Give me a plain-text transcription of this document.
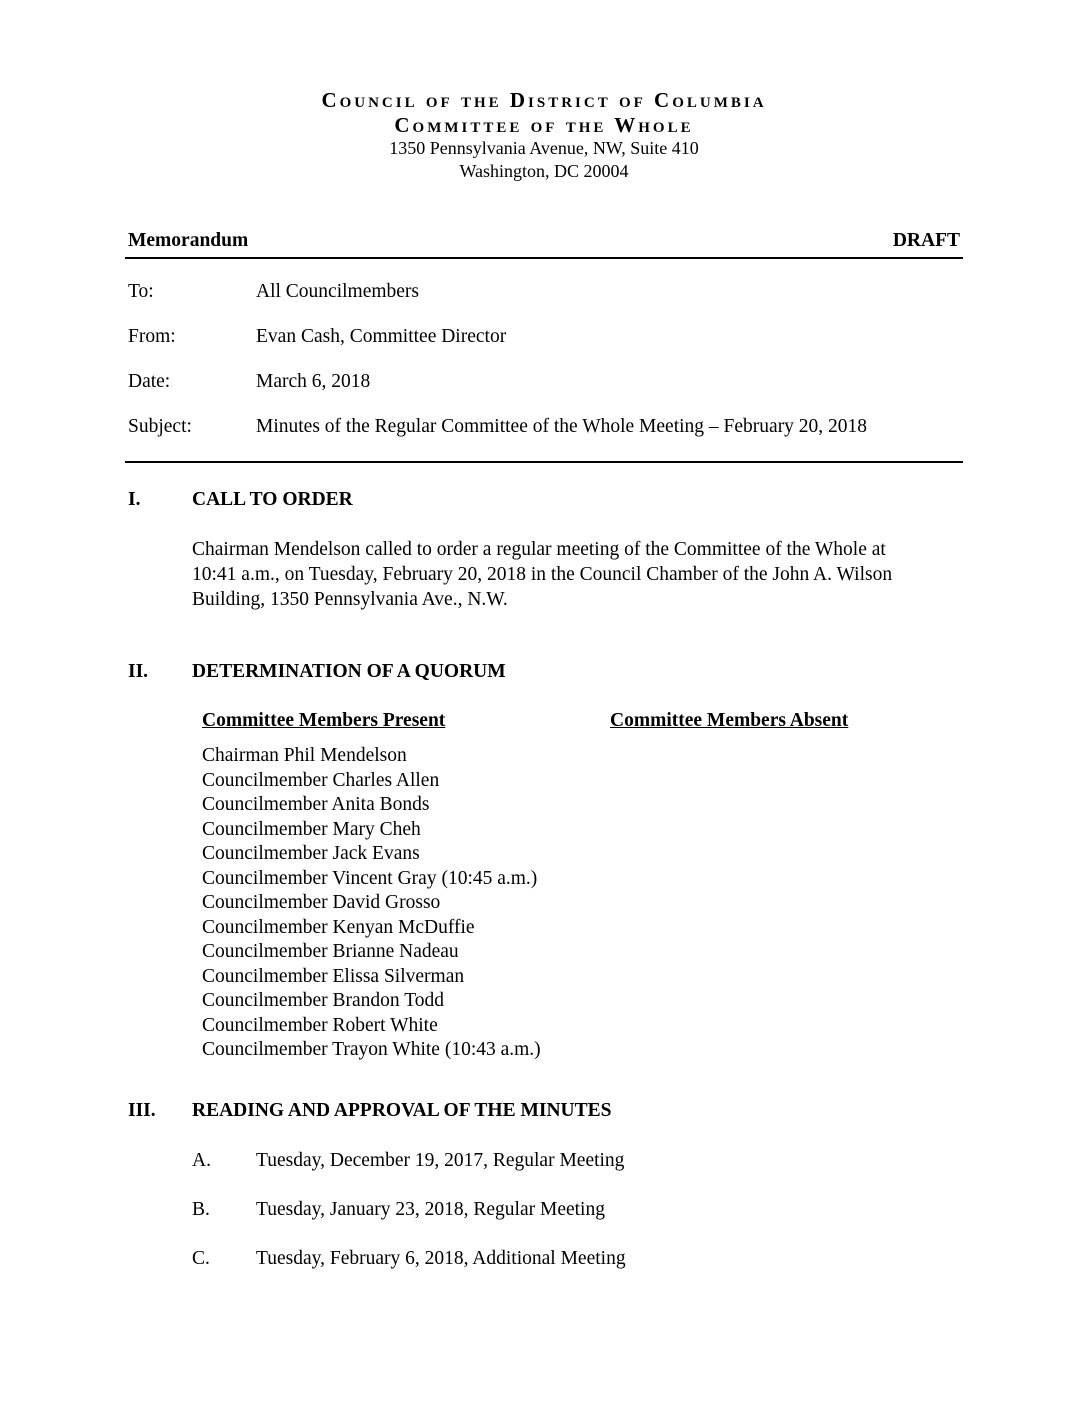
Council of the District of Columbia
Committee of the Whole
1350 Pennsylvania Avenue, NW, Suite 410
Washington, DC 20004
Memorandum	DRAFT
To:	All Councilmembers
From:	Evan Cash, Committee Director
Date:	March 6, 2018
Subject:	Minutes of the Regular Committee of the Whole Meeting – February 20, 2018
I.	CALL TO ORDER
Chairman Mendelson called to order a regular meeting of the Committee of the Whole at
10:41 a.m., on Tuesday, February 20, 2018 in the Council Chamber of the John A. Wilson
Building, 1350 Pennsylvania Ave., N.W.
II. DETERMINATION OF A QUORUM
Committee Members Present	Committee Members Absent
Chairman Phil Mendelson
Councilmember Charles Allen
Councilmember Anita Bonds
Councilmember Mary Cheh
Councilmember Jack Evans
Councilmember Vincent Gray (10:45 a.m.)
Councilmember David Grosso
Councilmember Kenyan McDuffie
Councilmember Brianne Nadeau
Councilmember Elissa Silverman
Councilmember Brandon Todd
Councilmember Robert White
Councilmember Trayon White (10:43 a.m.)
III. READING AND APPROVAL OF THE MINUTES
A. Tuesday, December 19, 2017, Regular Meeting
B. Tuesday, January 23, 2018, Regular Meeting
C. Tuesday, February 6, 2018, Additional Meeting
